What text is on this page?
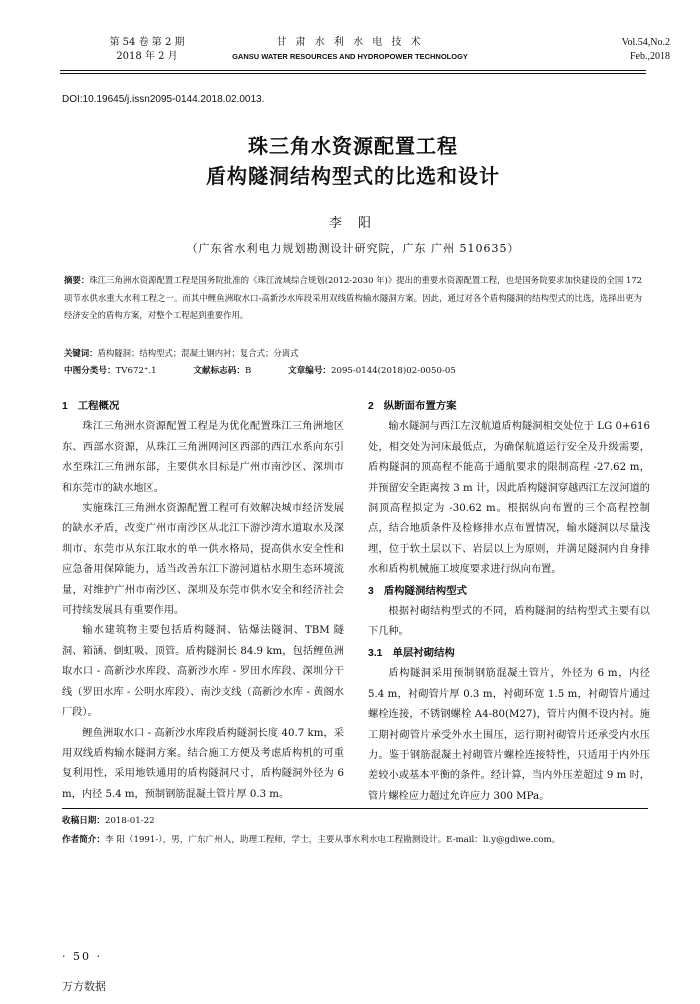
第 54 卷 第 2 期
2018 年 2 月
甘 肃 水 利 水 电 技 术
GANSU WATER RESOURCES AND HYDROPOWER TECHNOLOGY
Vol.54,No.2
Feb.,2018
DOI:10.19645/j.issn2095-0144.2018.02.0013.
珠三角水资源配置工程
盾构隧洞结构型式的比选和设计
李 阳
（广东省水利电力规划勘测设计研究院，广东 广州 510635）
摘要：珠江三角洲水资源配置工程是国务院批准的《珠江流域综合规划(2012-2030 年)》提出的重要水资源配置工程，也是国务院要求加快建设的全国 172 项节水供水重大水利工程之一。而其中鲤鱼洲取水口-高新沙水库段采用双线盾构输水隧洞方案。因此，通过对各个盾构隧洞的结构型式的比选，选择出更为经济安全的盾构方案，对整个工程起到重要作用。
关键词：盾构隧洞；结构型式；混凝土钢内衬；复合式；分离式
中图分类号：TV672⁺.1	文献标志码：B	文章编号：2095-0144(2018)02-0050-05
1 工程概况

珠江三角洲水资源配置工程是为优化配置珠江三角洲地区东、西部水资源，从珠江三角洲网河区西部的西江水系向东引水至珠江三角洲东部，主要供水目标是广州市南沙区、深圳市和东莞市的缺水地区。

实施珠江三角洲水资源配置工程可有效解决城市经济发展的缺水矛盾，改变广州市南沙区从北江下游沙湾水道取水及深圳市、东莞市从东江取水的单一供水格局，提高供水安全性和应急备用保障能力，适当改善东江下游河道枯水期生态环境流量，对维护广州市南沙区、深圳及东莞市供水安全和经济社会可持续发展具有重要作用。

输水建筑物主要包括盾构隧洞、钻爆法隧洞、TBM 隧洞、箱涵、倒虹吸、顶管。盾构隧洞长 84.9 km，包括鲤鱼洲取水口 - 高新沙水库段、高新沙水库 - 罗田水库段、深圳分干线（罗田水库 - 公明水库段）、南沙支线（高新沙水库 - 黄阁水厂段）。

鲤鱼洲取水口 - 高新沙水库段盾构隧洞长度 40.7 km，采用双线盾构输水隧洞方案。结合施工方便及考虑盾构机的可重复利用性，采用地铁通用的盾构隧洞尺寸，盾构隧洞外径为 6 m，内径 5.4 m，预制钢筋混凝土管片厚 0.3 m。

2 纵断面布置方案

输水隧洞与西江左汊航道盾构隧洞相交处位于 LG 0+616 处，相交处为河床最低点，为确保航道运行安全及升级需要，盾构隧洞的顶高程不能高于通航要求的限制高程 -27.62 m，并预留安全距离按 3 m 计，因此盾构隧洞穿越西江左汊河道的洞顶高程拟定为 -30.62 m。根据纵向布置的三个高程控制点，结合地质条件及检修排水点布置情况，输水隧洞以尽量浅埋，位于软土层以下、岩层以上为原则，并满足隧洞内自身排水和盾构机械施工坡度要求进行纵向布置。

3 盾构隧洞结构型式

根据衬砌结构型式的不同，盾构隧洞的结构型式主要有以下几种。

3.1 单层衬砌结构

盾构隧洞采用预制钢筋混凝土管片，外径为 6 m，内径 5.4 m，衬砌管片厚 0.3 m，衬砌环宽 1.5 m，衬砌管片通过螺栓连接，不锈钢螺栓 A4-80(M27)，管片内侧不设内衬。施工期衬砌管片承受外水土围压，运行期衬砌管片还承受内水压力。鉴于钢筋混凝土衬砌管片螺栓连接特性，只适用于内外压差较小或基本平衡的条件。经计算，当内外压差超过 9 m 时，管片螺栓应力超过允许应力 300 MPa。

收稿日期：2018-01-22
作者简介：李 阳（1991-），男，广东广州人，助理工程师，学士，主要从事水利水电工程勘测设计。E-mail：li.y@gdiwe.com。
· 50 ·
万方数据
